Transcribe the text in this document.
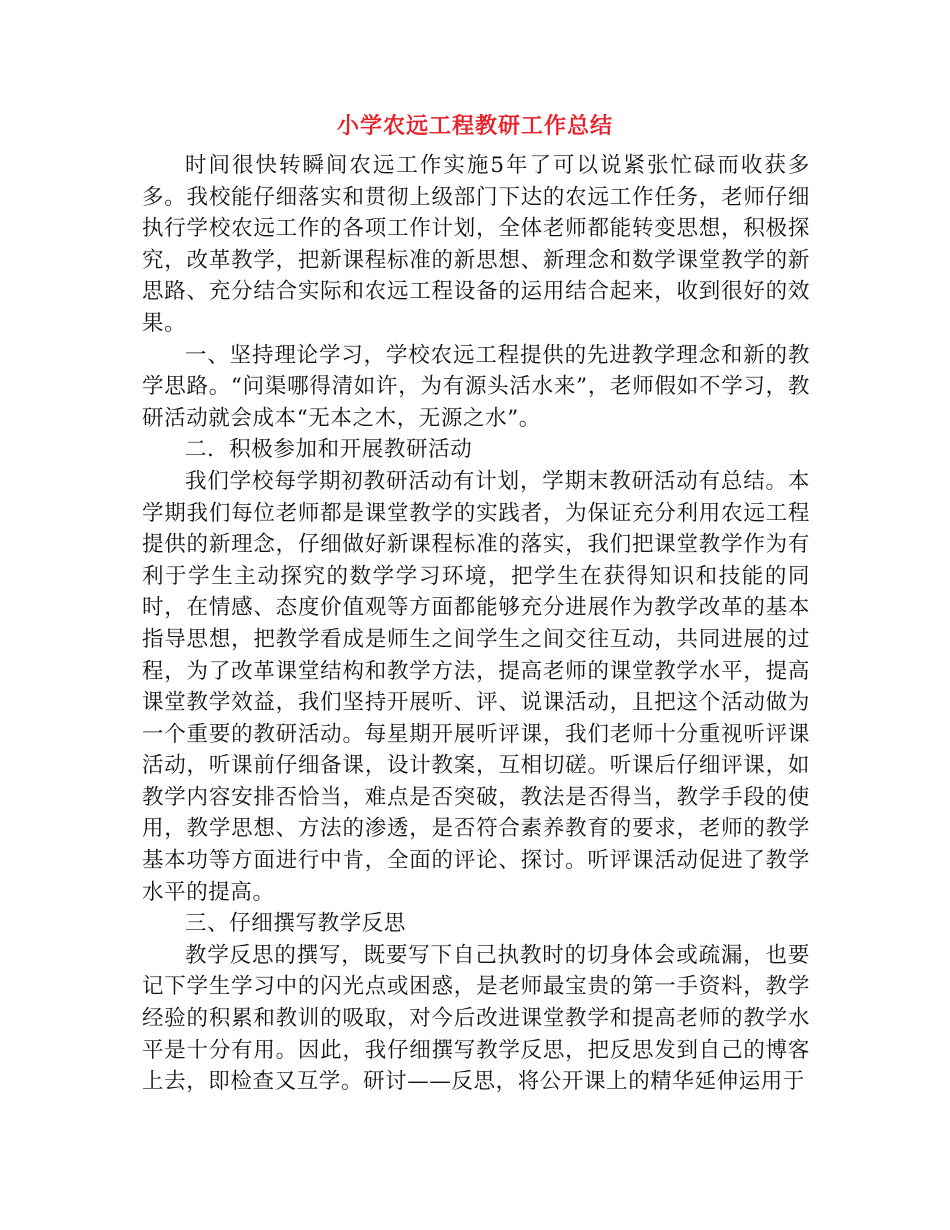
小学农远工程教研工作总结

时间很快转瞬间农远工作实施5年了可以说紧张忙碌而收获多多。我校能仔细落实和贯彻上级部门下达的农远工作任务，老师仔细执行学校农远工作的各项工作计划，全体老师都能转变思想，积极探究，改革教学，把新课程标准的新思想、新理念和数学课堂教学的新思路、充分结合实际和农远工程设备的运用结合起来，收到很好的效果。

一、坚持理论学习，学校农远工程提供的先进教学理念和新的教学思路。“问渠哪得清如许，为有源头活水来”，老师假如不学习，教研活动就会成本“无本之木，无源之水”。

二．积极参加和开展教研活动

我们学校每学期初教研活动有计划，学期末教研活动有总结。本学期我们每位老师都是课堂教学的实践者，为保证充分利用农远工程提供的新理念，仔细做好新课程标准的落实，我们把课堂教学作为有利于学生主动探究的数学学习环境，把学生在获得知识和技能的同时，在情感、态度价值观等方面都能够充分进展作为教学改革的基本指导思想，把教学看成是师生之间学生之间交往互动，共同进展的过程，为了改革课堂结构和教学方法，提高老师的课堂教学水平，提高课堂教学效益，我们坚持开展听、评、说课活动，且把这个活动做为一个重要的教研活动。每星期开展听评课，我们老师十分重视听评课活动，听课前仔细备课，设计教案，互相切磋。听课后仔细评课，如教学内容安排否恰当，难点是否突破，教法是否得当，教学手段的使用，教学思想、方法的渗透，是否符合素养教育的要求，老师的教学基本功等方面进行中肯，全面的评论、探讨。听评课活动促进了教学水平的提高。

三、仔细撰写教学反思

教学反思的撰写，既要写下自己执教时的切身体会或疏漏，也要记下学生学习中的闪光点或困惑，是老师最宝贵的第一手资料，教学经验的积累和教训的吸取，对今后改进课堂教学和提高老师的教学水平是十分有用。因此，我仔细撰写教学反思，把反思发到自己的博客上去，即检查又互学。研讨——反思，将公开课上的精华延伸运用于
